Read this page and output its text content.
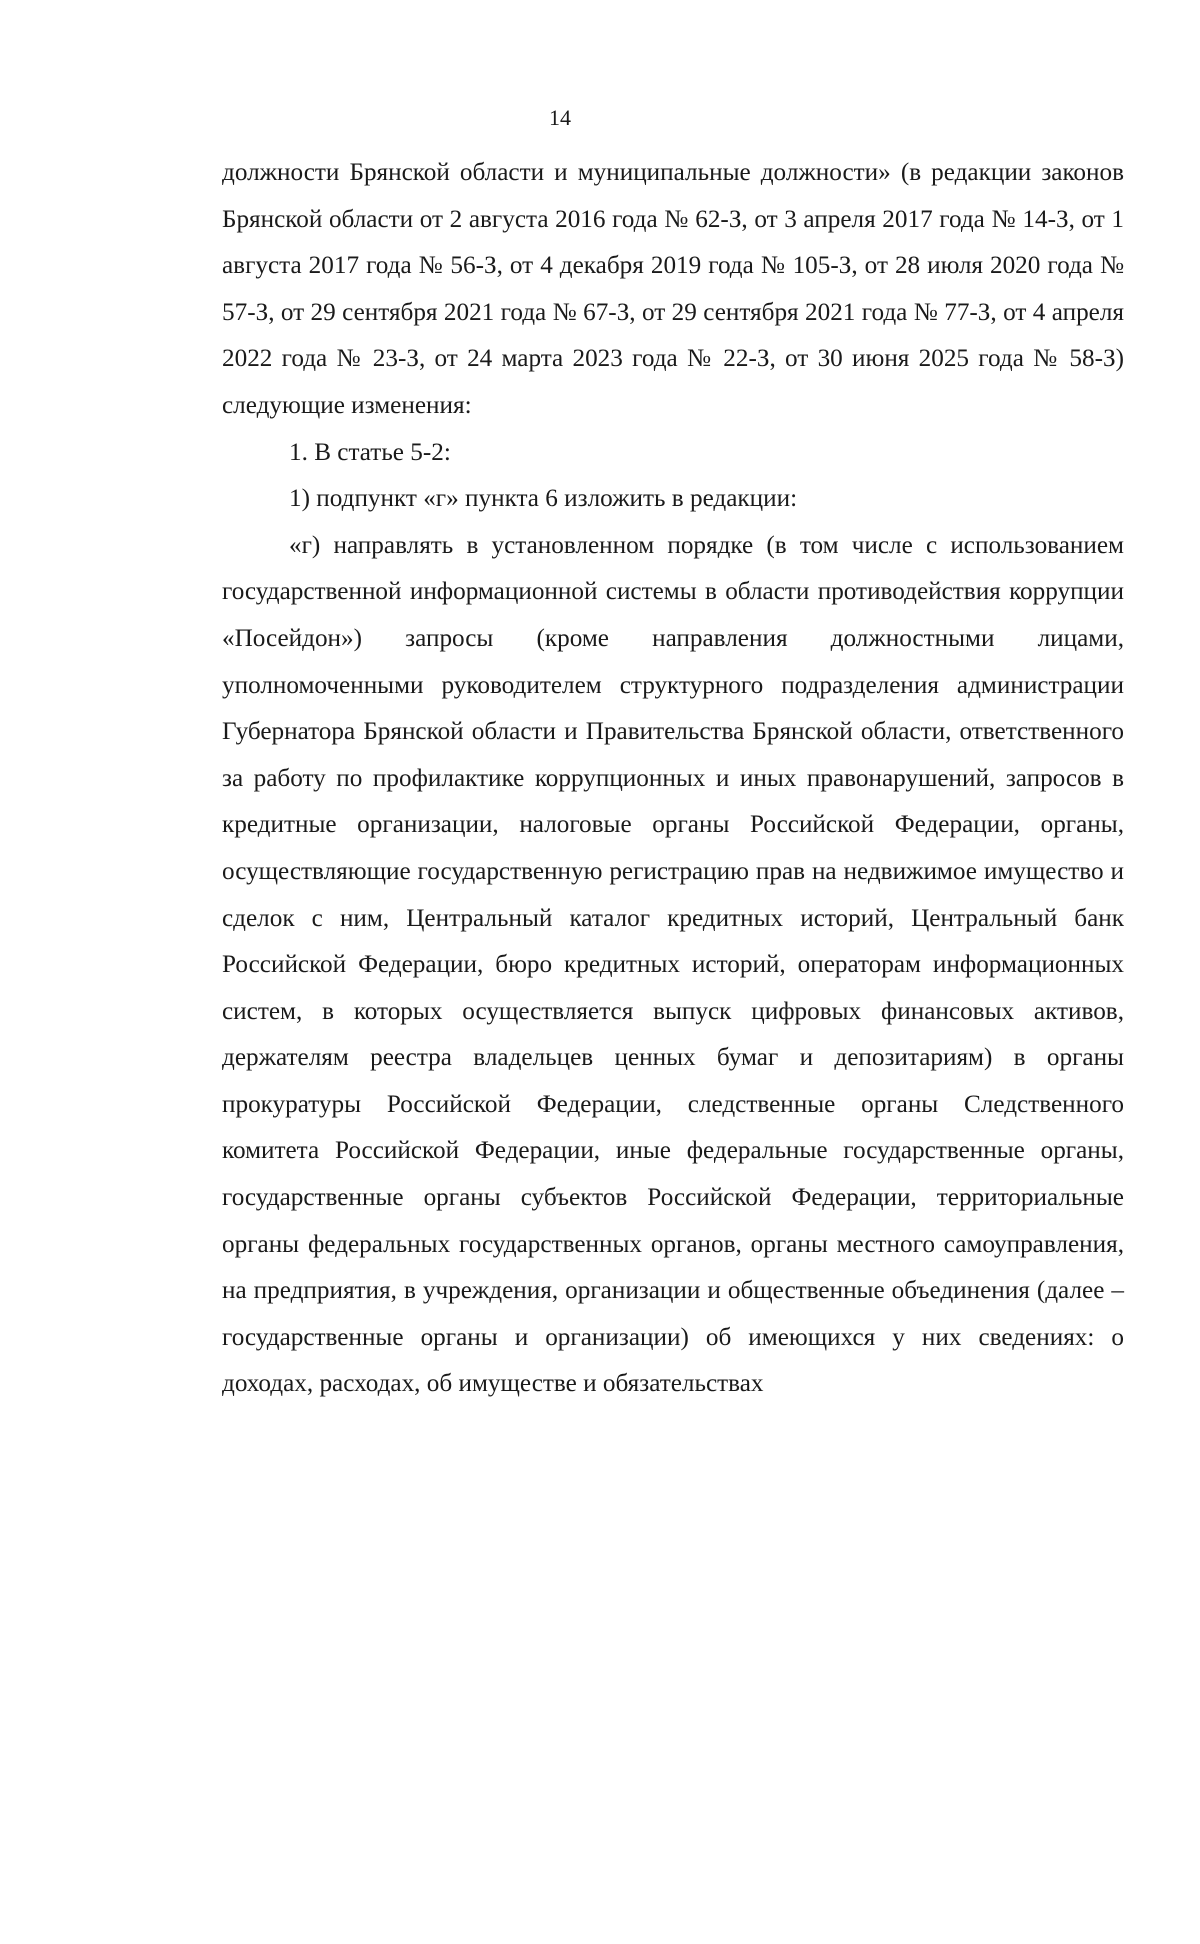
14

должности Брянской области и муниципальные должности» (в редакции законов Брянской области от 2 августа 2016 года № 62-З, от 3 апреля 2017 года № 14-З, от 1 августа 2017 года № 56-З, от 4 декабря 2019 года № 105-З, от 28 июля 2020 года № 57-З, от 29 сентября 2021 года № 67-З, от 29 сентября 2021 года № 77-З, от 4 апреля 2022 года № 23-З, от 24 марта 2023 года № 22-З, от 30 июня 2025 года № 58-З) следующие изменения:

1. В статье 5-2:

1) подпункт «г» пункта 6 изложить в редакции:

«г) направлять в установленном порядке (в том числе с использованием государственной информационной системы в области противодействия коррупции «Посейдон») запросы (кроме направления должностными лицами, уполномоченными руководителем структурного подразделения администрации Губернатора Брянской области и Правительства Брянской области, ответственного за работу по профилактике коррупционных и иных правонарушений, запросов в кредитные организации, налоговые органы Российской Федерации, органы, осуществляющие государственную регистрацию прав на недвижимое имущество и сделок с ним, Центральный каталог кредитных историй, Центральный банк Российской Федерации, бюро кредитных историй, операторам информационных систем, в которых осуществляется выпуск цифровых финансовых активов, держателям реестра владельцев ценных бумаг и депозитариям) в органы прокуратуры Российской Федерации, следственные органы Следственного комитета Российской Федерации, иные федеральные государственные органы, государственные органы субъектов Российской Федерации, территориальные органы федеральных государственных органов, органы местного самоуправления, на предприятия, в учреждения, организации и общественные объединения (далее – государственные органы и организации) об имеющихся у них сведениях: о доходах, расходах, об имуществе и обязательствах
